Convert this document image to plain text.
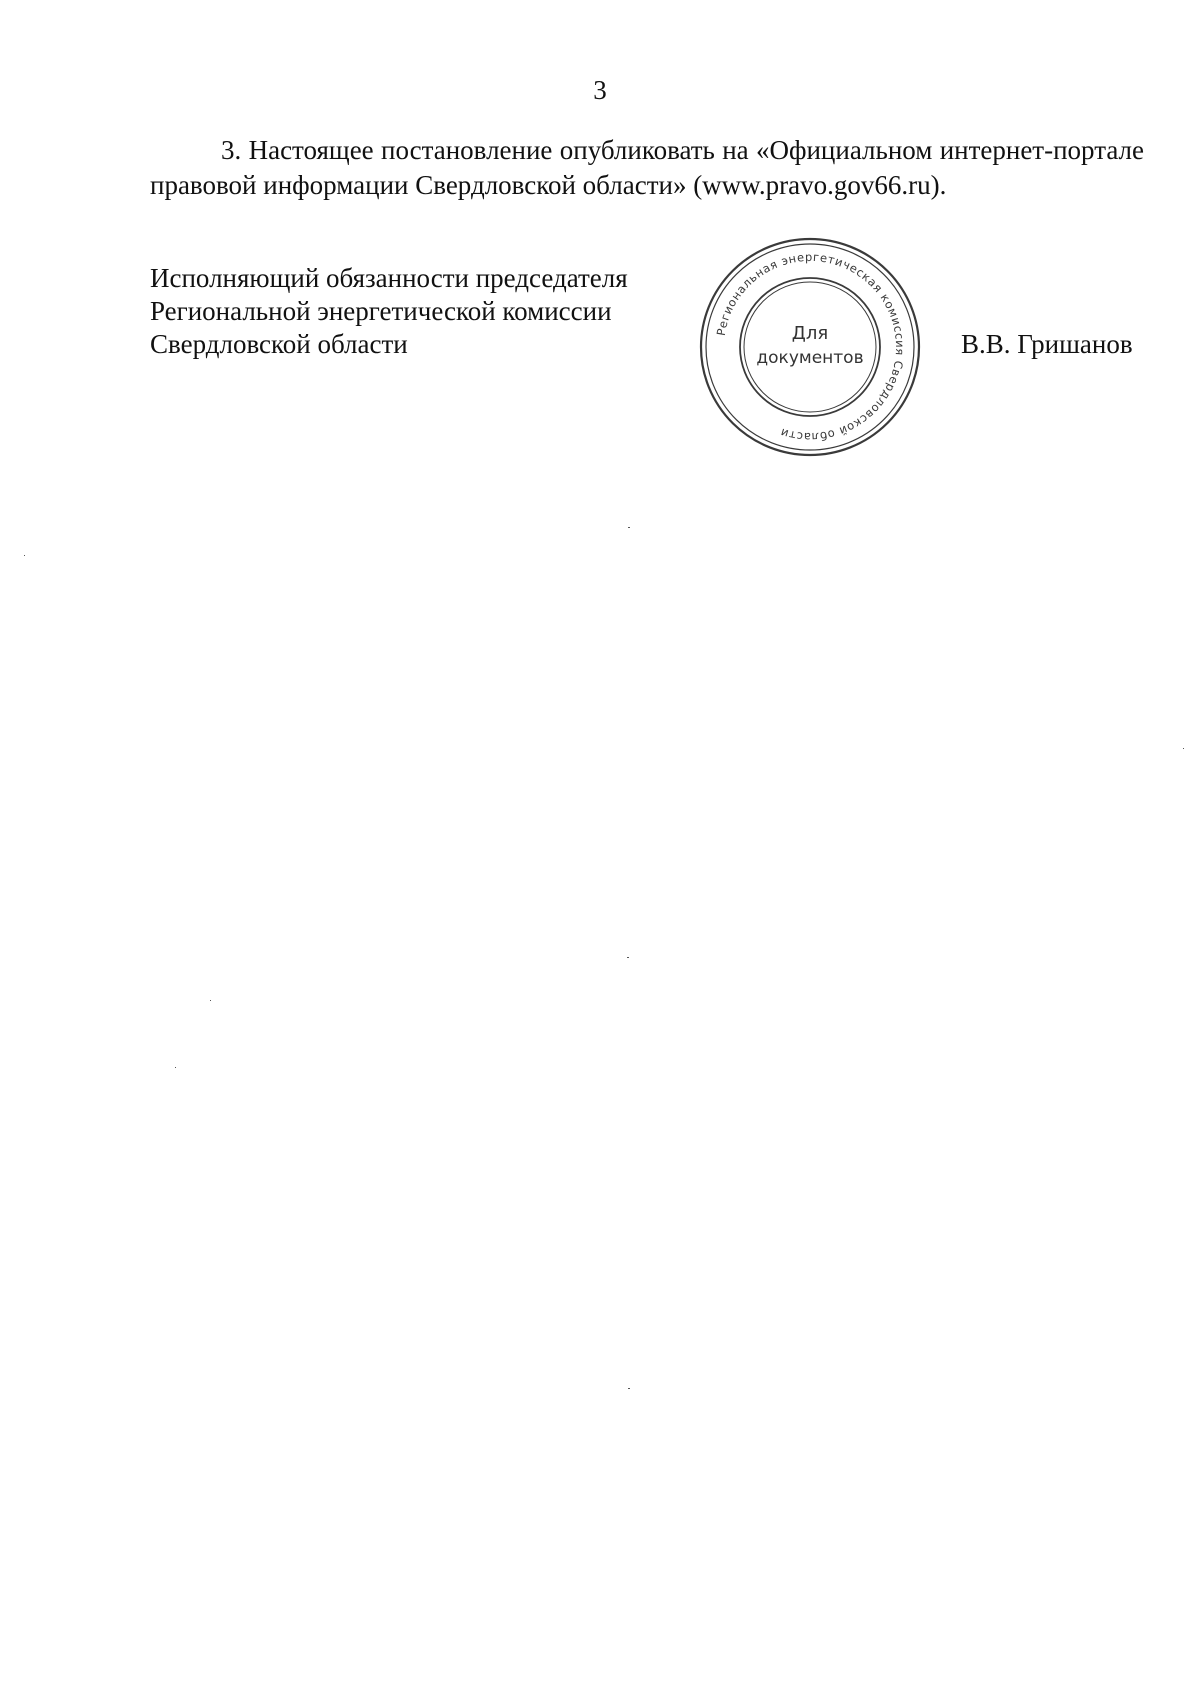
3

3. Настоящее постановление опубликовать на «Официальном интернет-портале правовой информации Свердловской области» (www.pravo.gov66.ru).

Исполняющий обязанности председателя
Региональной энергетической комиссии
Свердловской области	Региональная энергетическая комиссия Свердловской области
Для
документов	В.В. Гришанов
